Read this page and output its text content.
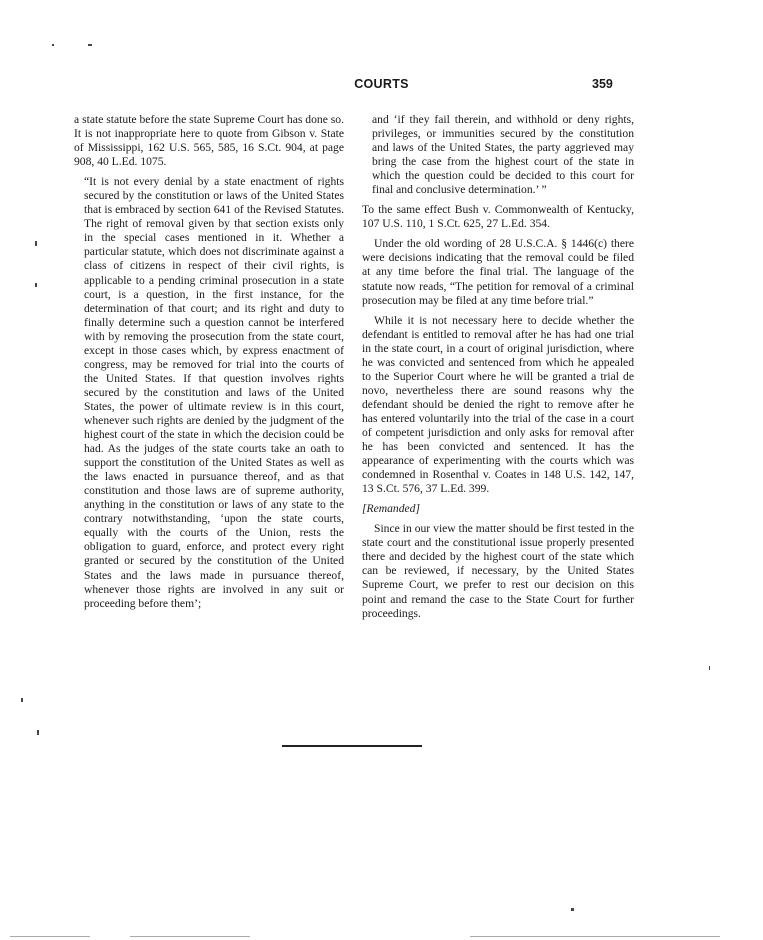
COURTS	359

a state statute before the state Supreme Court has done so. It is not inappropriate here to quote from Gibson v. State of Mississippi, 162 U.S. 565, 585, 16 S.Ct. 904, at page 908, 40 L.Ed. 1075.

“It is not every denial by a state enactment of rights secured by the constitution or laws of the United States that is embraced by section 641 of the Revised Statutes. The right of removal given by that section exists only in the special cases mentioned in it. Whether a particular statute, which does not discriminate against a class of citizens in respect of their civil rights, is applicable to a pending criminal prosecution in a state court, is a question, in the first instance, for the determination of that court; and its right and duty to finally determine such a question cannot be interfered with by removing the prosecution from the state court, except in those cases which, by express enactment of congress, may be removed for trial into the courts of the United States. If that question involves rights secured by the constitution and laws of the United States, the power of ultimate review is in this court, whenever such rights are denied by the judgment of the highest court of the state in which the decision could be had. As the judges of the state courts take an oath to support the constitution of the United States as well as the laws enacted in pursuance thereof, and as that constitution and those laws are of supreme authority, anything in the constitution or laws of any state to the contrary notwithstanding, ‘upon the state courts, equally with the courts of the Union, rests the obligation to guard, enforce, and protect every right granted or secured by the constitution of the United States and the laws made in pursuance thereof, whenever those rights are involved in any suit or proceeding before them’;

and ‘if they fail therein, and withhold or deny rights, privileges, or immunities secured by the constitution and laws of the United States, the party aggrieved may bring the case from the highest court of the state in which the question could be decided to this court for final and conclusive determination.’ ”

To the same effect Bush v. Commonwealth of Kentucky, 107 U.S. 110, 1 S.Ct. 625, 27 L.Ed. 354.

Under the old wording of 28 U.S.C.A. § 1446(c) there were decisions indicating that the removal could be filed at any time before the final trial. The language of the statute now reads, “The petition for removal of a criminal prosecution may be filed at any time before trial.”

While it is not necessary here to decide whether the defendant is entitled to removal after he has had one trial in the state court, in a court of original jurisdiction, where he was convicted and sentenced from which he appealed to the Superior Court where he will be granted a trial de novo, nevertheless there are sound reasons why the defendant should be denied the right to remove after he has entered voluntarily into the trial of the case in a court of competent jurisdiction and only asks for removal after he has been convicted and sentenced. It has the appearance of experimenting with the courts which was condemned in Rosenthal v. Coates in 148 U.S. 142, 147, 13 S.Ct. 576, 37 L.Ed. 399.

[Remanded]

Since in our view the matter should be first tested in the state court and the constitutional issue properly presented there and decided by the highest court of the state which can be reviewed, if necessary, by the United States Supreme Court, we prefer to rest our decision on this point and remand the case to the State Court for further proceedings.
